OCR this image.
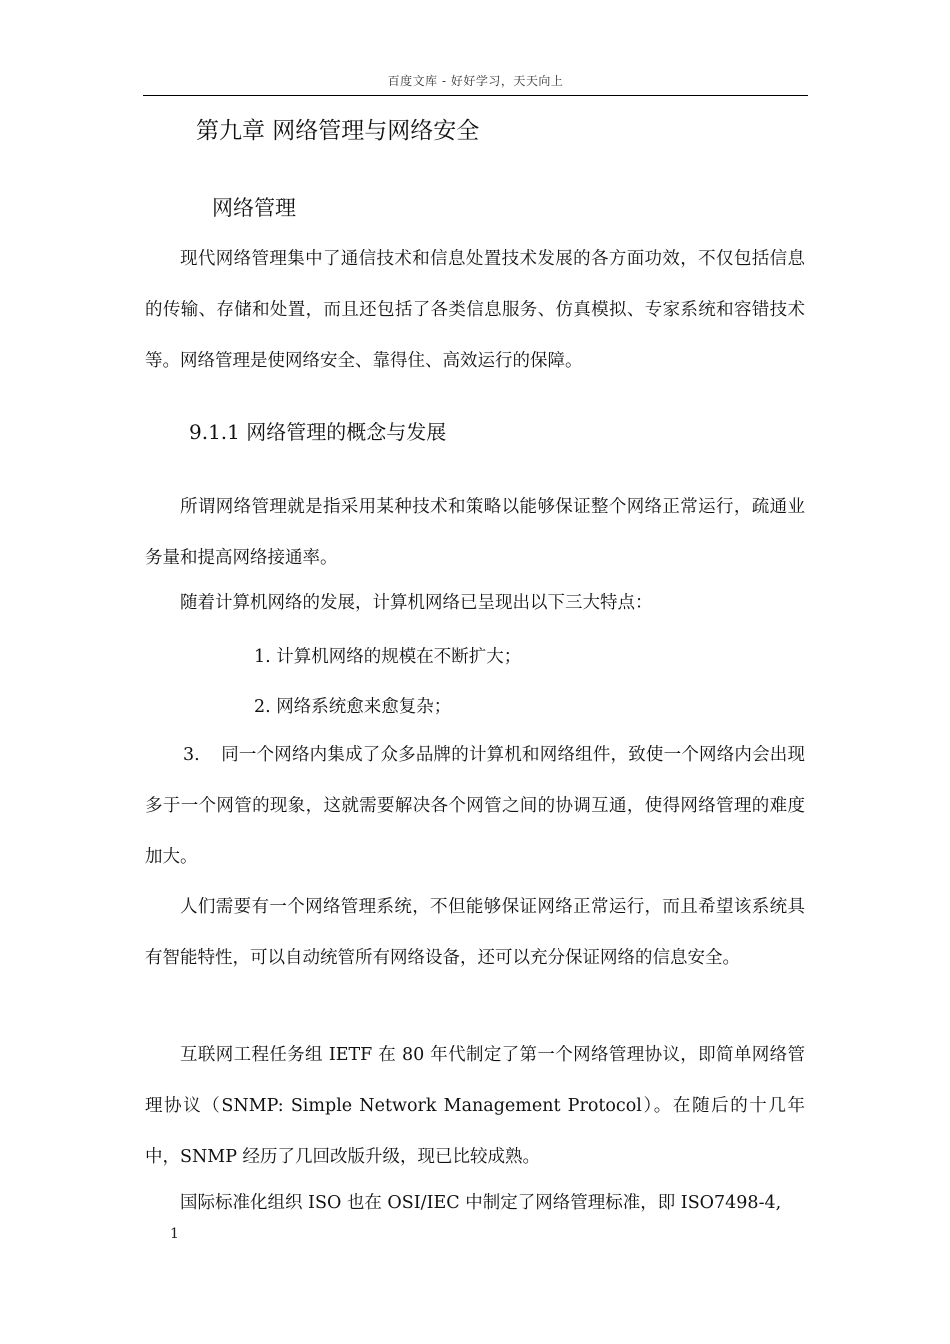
百度文库 - 好好学习，天天向上
第九章 网络管理与网络安全
网络管理

现代网络管理集中了通信技术和信息处置技术发展的各方面功效，不仅包括信息的传输、存储和处置，而且还包括了各类信息服务、仿真模拟、专家系统和容错技术等。网络管理是使网络安全、靠得住、高效运行的保障。

9.1.1 网络管理的概念与发展

所谓网络管理就是指采用某种技术和策略以能够保证整个网络正常运行，疏通业务量和提高网络接通率。

随着计算机网络的发展，计算机网络已呈现出以下三大特点：

1. 计算机网络的规模在不断扩大；
2. 网络系统愈来愈复杂；

3. 同一个网络内集成了众多品牌的计算机和网络组件，致使一个网络内会出现多于一个网管的现象，这就需要解决各个网管之间的协调互通，使得网络管理的难度加大。

人们需要有一个网络管理系统，不但能够保证网络正常运行，而且希望该系统具有智能特性，可以自动统管所有网络设备，还可以充分保证网络的信息安全。

互联网工程任务组 IETF 在 80 年代制定了第一个网络管理协议，即简单网络管理协议（SNMP: Simple Network Management Protocol）。在随后的十几年中，SNMP 经历了几回改版升级，现已比较成熟。

国际标准化组织 ISO 也在 OSI/IEC 中制定了网络管理标准，即 ISO7498-4,

1
